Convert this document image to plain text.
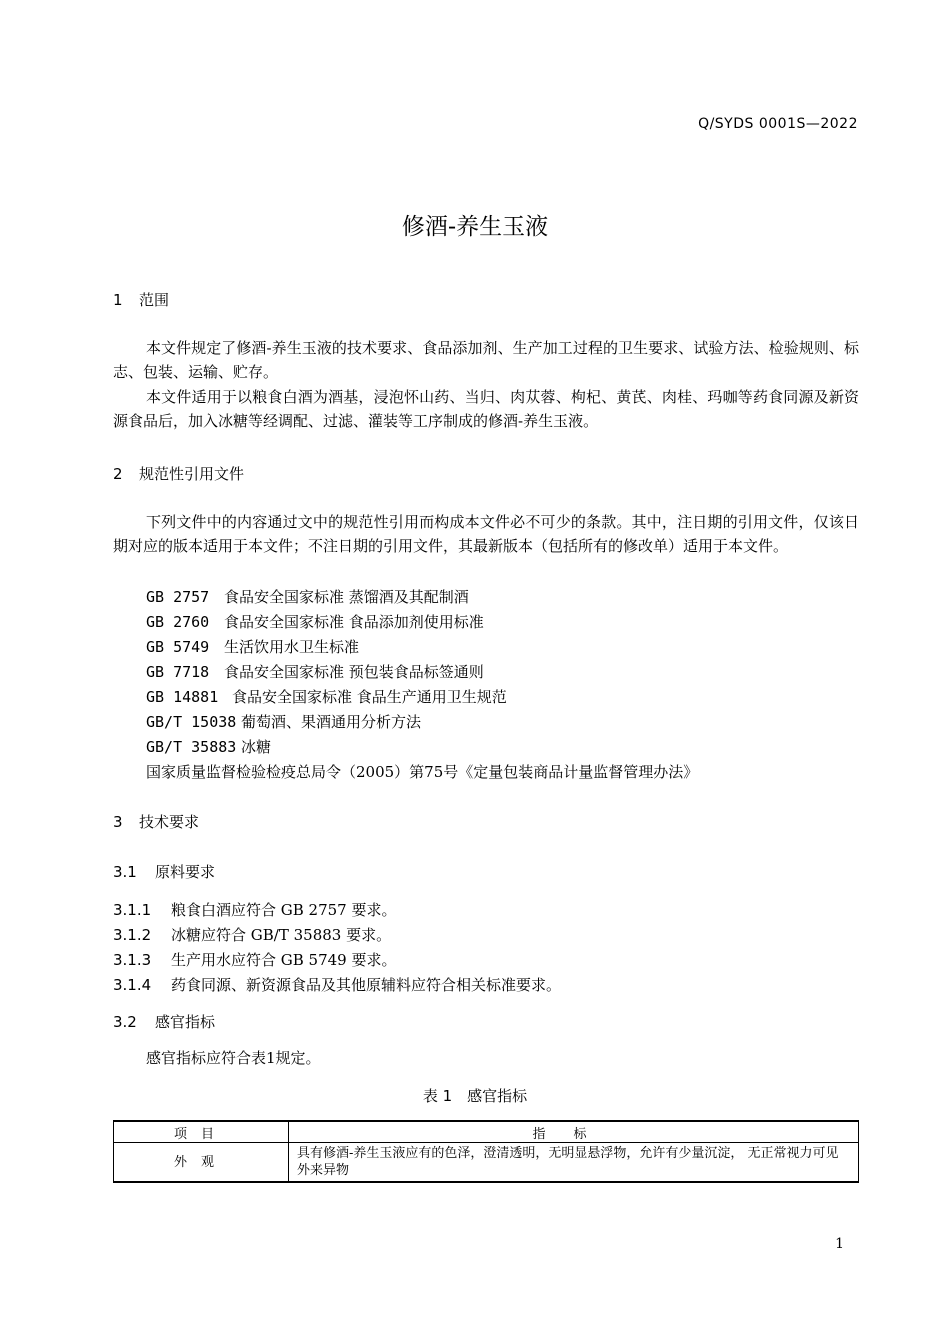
Q/SYDS 0001S—2022
修酒-养生玉液
1 范围
本文件规定了修酒-养生玉液的技术要求、食品添加剂、生产加工过程的卫生要求、试验方法、检验规则、标志、包装、运输、贮存。
本文件适用于以粮食白酒为酒基，浸泡怀山药、当归、肉苁蓉、枸杞、黄芪、肉桂、玛咖等药食同源及新资源食品后，加入冰糖等经调配、过滤、灌装等工序制成的修酒-养生玉液。
2 规范性引用文件
下列文件中的内容通过文中的规范性引用而构成本文件必不可少的条款。其中，注日期的引用文件，仅该日期对应的版本适用于本文件；不注日期的引用文件，其最新版本（包括所有的修改单）适用于本文件。
GB 2757 食品安全国家标准 蒸馏酒及其配制酒
GB 2760 食品安全国家标准 食品添加剂使用标准
GB 5749 生活饮用水卫生标准
GB 7718 食品安全国家标准 预包装食品标签通则
GB 14881 食品安全国家标准 食品生产通用卫生规范
GB/T 15038 葡萄酒、果酒通用分析方法
GB/T 35883 冰糖
国家质量监督检验检疫总局令（2005）第75号《定量包装商品计量监督管理办法》
3 技术要求
3.1 原料要求
3.1.1 粮食白酒应符合 GB 2757 要求。
3.1.2 冰糖应符合 GB/T 35883 要求。
3.1.3 生产用水应符合 GB 5749 要求。
3.1.4 药食同源、新资源食品及其他原辅料应符合相关标准要求。
3.2 感官指标
感官指标应符合表1规定。
表 1　感官指标
项目	指标
外观	具有修酒-养生玉液应有的色泽，澄清透明，无明显悬浮物，允许有少量沉淀， 无正常视力可见外来异物
1
